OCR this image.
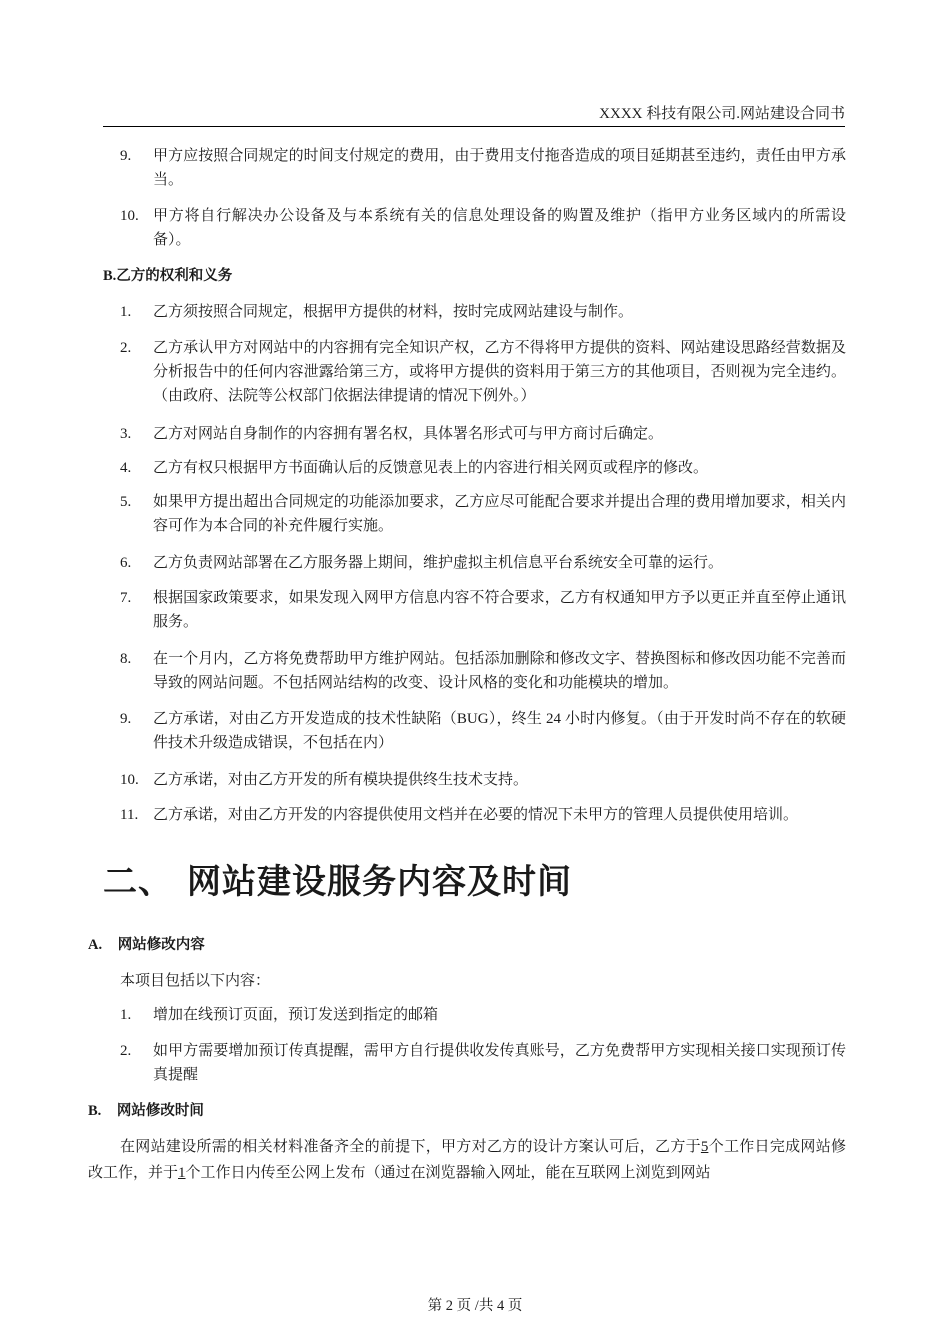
XXXX 科技有限公司.网站建设合同书
9. 甲方应按照合同规定的时间支付规定的费用，由于费用支付拖沓造成的项目延期甚至违约，责任由甲方承当。
10. 甲方将自行解决办公设备及与本系统有关的信息处理设备的购置及维护（指甲方业务区域内的所需设备）。
B.乙方的权利和义务
1. 乙方须按照合同规定，根据甲方提供的材料，按时完成网站建设与制作。
2. 乙方承认甲方对网站中的内容拥有完全知识产权，乙方不得将甲方提供的资料、网站建设思路经营数据及分析报告中的任何内容泄露给第三方，或将甲方提供的资料用于第三方的其他项目，否则视为完全违约。（由政府、法院等公权部门依据法律提请的情况下例外。）
3. 乙方对网站自身制作的内容拥有署名权，具体署名形式可与甲方商讨后确定。
4. 乙方有权只根据甲方书面确认后的反馈意见表上的内容进行相关网页或程序的修改。
5. 如果甲方提出超出合同规定的功能添加要求，乙方应尽可能配合要求并提出合理的费用增加要求，相关内容可作为本合同的补充件履行实施。
6. 乙方负责网站部署在乙方服务器上期间，维护虚拟主机信息平台系统安全可靠的运行。
7. 根据国家政策要求，如果发现入网甲方信息内容不符合要求，乙方有权通知甲方予以更正并直至停止通讯服务。
8. 在一个月内，乙方将免费帮助甲方维护网站。包括添加删除和修改文字、替换图标和修改因功能不完善而导致的网站问题。不包括网站结构的改变、设计风格的变化和功能模块的增加。
9. 乙方承诺，对由乙方开发造成的技术性缺陷（BUG），终生 24 小时内修复。（由于开发时尚不存在的软硬件技术升级造成错误，不包括在内）
10. 乙方承诺，对由乙方开发的所有模块提供终生技术支持。
11. 乙方承诺，对由乙方开发的内容提供使用文档并在必要的情况下未甲方的管理人员提供使用培训。
二、 网站建设服务内容及时间
A. 网站修改内容
本项目包括以下内容：
1. 增加在线预订页面，预订发送到指定的邮箱
2. 如甲方需要增加预订传真提醒，需甲方自行提供收发传真账号，乙方免费帮甲方实现相关接口实现预订传真提醒
B. 网站修改时间
在网站建设所需的相关材料准备齐全的前提下，甲方对乙方的设计方案认可后，乙方于5个工作日完成网站修改工作，并于1个工作日内传至公网上发布（通过在浏览器输入网址，能在互联网上浏览到网站
第 2 页 /共 4 页
